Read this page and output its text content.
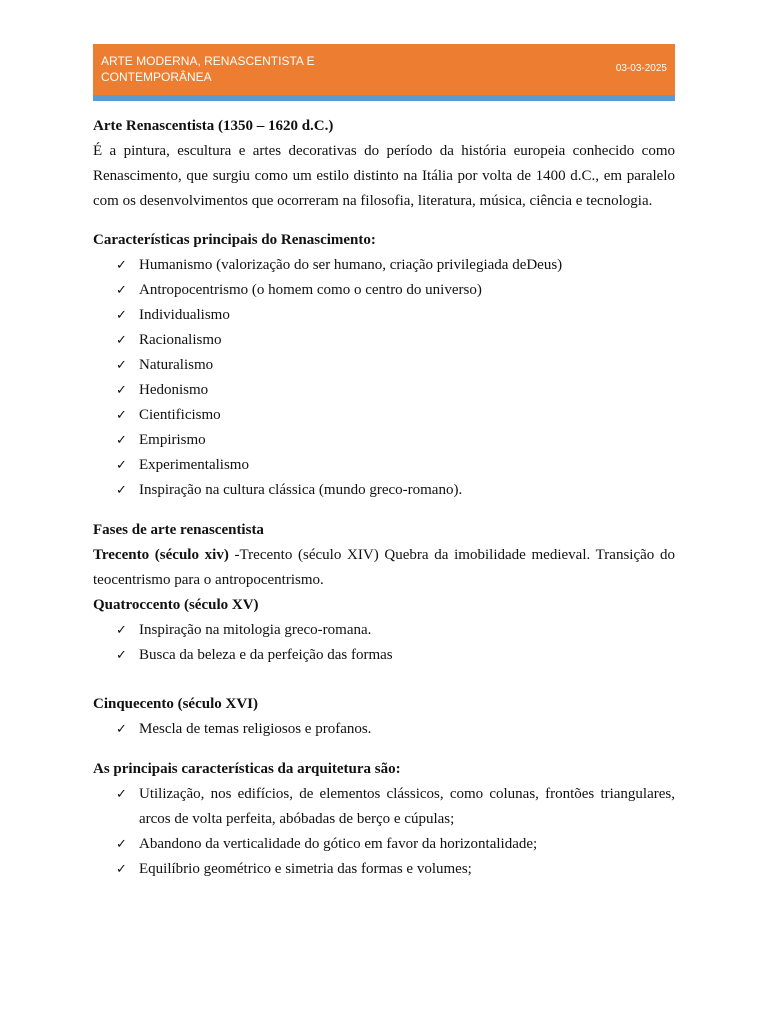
ARTE MODERNA, RENASCENTISTA E CONTEMPORÂNEA
03-03-2025

Arte Renascentista (1350 – 1620 d.C.)

É a pintura, escultura e artes decorativas do período da história europeia conhecido como Renascimento, que surgiu como um estilo distinto na Itália por volta de 1400 d.C., em paralelo com os desenvolvimentos que ocorreram na filosofia, literatura, música, ciência e tecnologia.

Características principais do Renascimento:

✓ Humanismo (valorização do ser humano, criação privilegiada deDeus)
✓ Antropocentrismo (o homem como o centro do universo)
✓ Individualismo
✓ Racionalismo
✓ Naturalismo
✓ Hedonismo
✓ Cientificismo
✓ Empirismo
✓ Experimentalismo
✓ Inspiração na cultura clássica (mundo greco-romano).

Fases de arte renascentista

Trecento (século xiv) -Trecento (século XIV) Quebra da imobilidade medieval. Transição do teocentrismo para o antropocentrismo.

Quatroccento (século XV)

✓ Inspiração na mitologia greco-romana.
✓ Busca da beleza e da perfeição das formas

Cinquecento (século XVI)

✓ Mescla de temas religiosos e profanos.

As principais características da arquitetura são:

✓ Utilização, nos edifícios, de elementos clássicos, como colunas, frontões triangulares, arcos de volta perfeita, abóbadas de berço e cúpulas;
✓ Abandono da verticalidade do gótico em favor da horizontalidade;
✓ Equilíbrio geométrico e simetria das formas e volumes;
